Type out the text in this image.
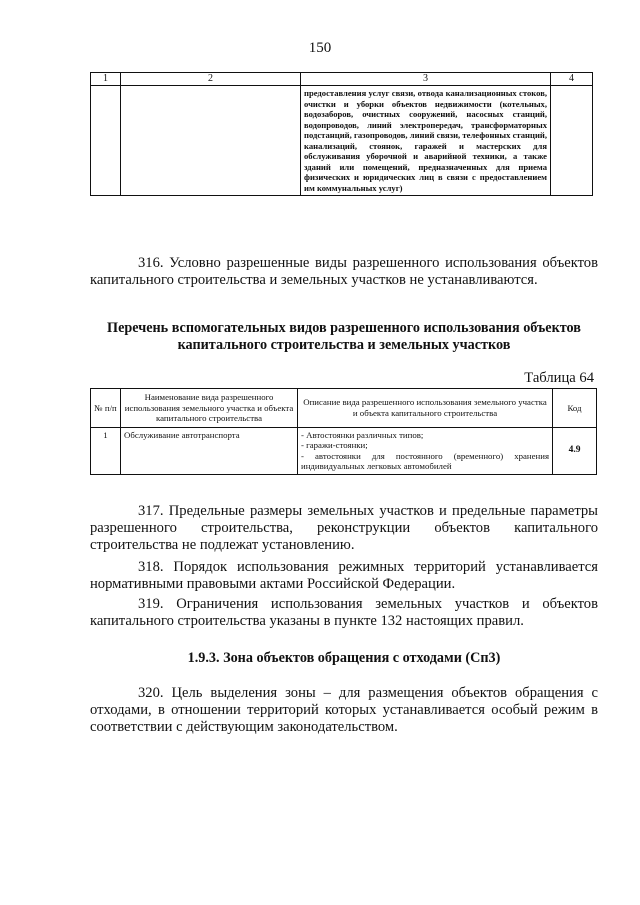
150
1	2	3	4
		предоставления услуг связи, отвода канализационных стоков, очистки и уборки объектов недвижимости (котельных, водозаборов, очистных сооружений, насосных станций, водопроводов, линий электропередач, трансформаторных подстанций, газопроводов, линий связи, телефонных станций, канализаций, стоянок, гаражей и мастерских для обслуживания уборочной и аварийной техники, а также зданий или помещений, предназначенных для приема физических и юридических лиц в связи с предоставлением им коммунальных услуг)	
316. Условно разрешенные виды разрешенного использования объектов капитального строительства и земельных участков не устанавливаются.
Перечень вспомогательных видов разрешенного использования объектов капитального строительства и земельных участков
Таблица 64
№ п/п	Наименование вида разрешенного использования земельного участка и объекта капитального строительства	Описание вида разрешенного использования земельного участка и объекта капитального строительства	Код
1	Обслуживание автотранспорта	- Автостоянки различных типов;
- гаражи-стоянки;
- автостоянки для постоянного (временного) хранения индивидуальных легковых автомобилей	4.9
317. Предельные размеры земельных участков и предельные параметры разрешенного строительства, реконструкции объектов капитального строительства не подлежат установлению.
318. Порядок использования режимных территорий устанавливается нормативными правовыми актами Российской Федерации.
319. Ограничения использования земельных участков и объектов капитального строительства указаны в пункте 132 настоящих правил.
1.9.3. Зона объектов обращения с отходами (Сп3)
320. Цель выделения зоны – для размещения объектов обращения с отходами, в отношении территорий которых устанавливается особый режим в соответствии с действующим законодательством.
